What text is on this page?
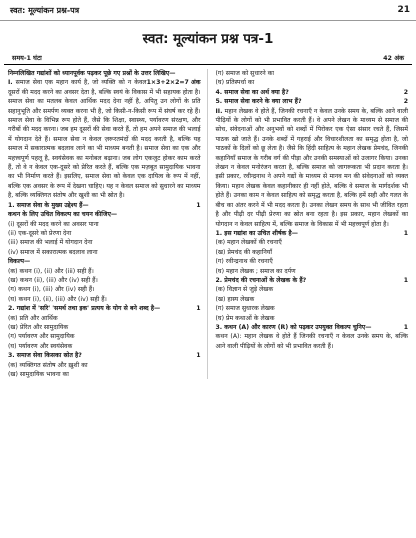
स्वत: मूल्यांकन प्रश्न-पत्र	21
स्वत: मूल्यांकन प्रश्न पत्र-1
समय-1 घंटा	42 अंक

निम्नलिखित गद्यांशों को ध्यानपूर्वक पढ़कर पूछे गए प्रश्नों के उत्तर लिखिए—
1×3+2×2=7 अंक

I. समाज सेवा एक महान कार्य है, जो व्यक्ति को न केवल दूसरों की मदद करने का अवसर देता है, बल्कि स्वयं के विकास में भी सहायक होता है। समाज सेवा का मतलब केवल आर्थिक मदद देना नहीं है, अपितु उन लोगों के प्रति सहानुभूति और समर्पण व्यक्त करना भी है, जो किसी-न-किसी रूप में संघर्ष कर रहे हैं। समाज सेवा के विभिन्न रूप होते हैं, जैसे कि शिक्षा, स्वास्थ्य, पर्यावरण संरक्षण, और गरीबों की मदद करना। जब हम दूसरों की सेवा करते हैं, तो हम अपने समाज की भलाई में योगदान देते हैं। समाज सेवा न केवल ज़रूरतमंदों की मदद करती है, बल्कि यह समाज में सकारात्मक बदलाव लाने का भी माध्यम बनती है। समाज सेवा का एक और महत्त्वपूर्ण पहलू है, स्वयंसेवक का मनोबल बढ़ाना। जब लोग एकजुट होकर काम करते हैं, तो वे न केवल एक-दूसरे को प्रेरित करते हैं, बल्कि एक मज़बूत सामुदायिक भावना का भी निर्माण करते हैं। इसलिए, समाज सेवा को केवल एक दायित्व के रूप में नहीं, बल्कि एक अवसर के रूप में देखना चाहिए। यह न केवल समाज को सुधारने का माध्यम है, बल्कि व्यक्तिगत संतोष और खुशी का भी स्रोत है।

1. समाज सेवा के मुख्य उद्देश्य हैं—	1

कथन के लिए उचित विकल्प का चयन कीजिए—

(i) दूसरों की मदद करने का अवसर पाना

(ii) एक-दूसरे को प्रेरणा देना

(iii) समाज की भलाई में योगदान देना

(iv) समाज में सकारात्मक बदलाव लाना

विकल्प—

(क) कथन (i), (ii) और (iii) सही हैं।

(ख) कथन (ii), (iii) और (iv) सही हैं।

(ग) कथन (i), (iii) और (iv) सही हैं।

(घ) कथन (i), (ii), (iii) और (iv) सही हैं।

2. गद्यांश में 'सरि' 'समर्थ तथा इक' प्रत्यय के योग से बने शब्द है—	1

(क) प्रति और आर्थिक

(ख) प्रेरित और सामुदायिक

(ग) पर्यावरण और सामुदायिक

(घ) पर्यावरण और स्वयंसेवक

3. समाज सेवा किसका स्रोत है?	1

(क) व्यक्तिगत संतोष और ख़ुशी का

(ख) सामुदायिक भावना का

(ग) समाज को सुधारने का

(घ) प्रतिस्पर्धा का

4. समाज सेवा का अर्थ क्या है?	2
5. समाज सेवा करने के क्या लाभ हैं?	2

II. महान लेखक वे होते हैं, जिनकी रचनाएँ न केवल उनके समय के, बल्कि आने वाली पीढ़ियों के लोगों को भी प्रभावित करती हैं। वे अपने लेखन के माध्यम से समाज की सोच, संवेदनाओं और अनुभवों को शब्दों में पिरोकर एक ऐसा संसार रचते हैं, जिसमें पाठक खो जाते हैं। उनके शब्दों में गहराई और विचारशीलता का समृद्ध होता है, जो पाठकों के दिलों को छू लेता है। जैसे कि हिंदी साहित्य के महान लेखक प्रेमचंद, जिनकी कहानियाँ समाज के गरीब वर्ग की पीड़ा और उनकी समस्याओं को उजागर किया। उनका लेखन न केवल मनोरंजन करता है, बल्कि समाज को जागरूकता भी प्रदान करता है। इसी प्रकार, रवीन्द्रनाथ ने अपने गद्यों के माध्यम से मानव मन की संवेदनाओं को व्यक्त किया। महान लेखक केवल कहानीकार ही नहीं होते, बल्कि वे समाज के मार्गदर्शक भी होते हैं। उनका काम न केवल साहित्य को समृद्ध करता है, बल्कि हमें सही और गलत के बीच का अंतर करने में भी मदद करता है। उनका लेखन समय के साथ भी जीवित रहता है और पीढ़ी दर पीढ़ी प्रेरणा का स्रोत बना रहता है। इस प्रकार, महान लेखकों का योगदान न केवल साहित्य में, बल्कि समाज के विकास में भी महत्त्वपूर्ण होता है।

1. इस गद्यांश का उचित शीर्षक है—	1

(क) महान लेखकों की रचनाएँ

(ख) प्रेमचंद की कहानियाँ

(ग) रवीन्द्रनाथ की रचनाएँ

(घ) महान लेखक ; समाज का दर्पण

2. प्रेमचंद की रचनाओं के लेखक के हैं?	1

(क) विज्ञान से जुड़े लेखक

(ख) हास्य लेखक

(ग) समाज सुधारक लेखक

(घ) प्रेम कथाओं के लेखक

3. कथन (A) और कारण (R) को पढ़कर उपयुक्त विकल्प चुनिए—	1

कथन (A): महान लेखक वे होते हैं जिनकी रचनाएँ न केवल उनके समय के, बल्कि आने वाली पीढ़ियों के लोगों को भी प्रभावित करती हैं।
